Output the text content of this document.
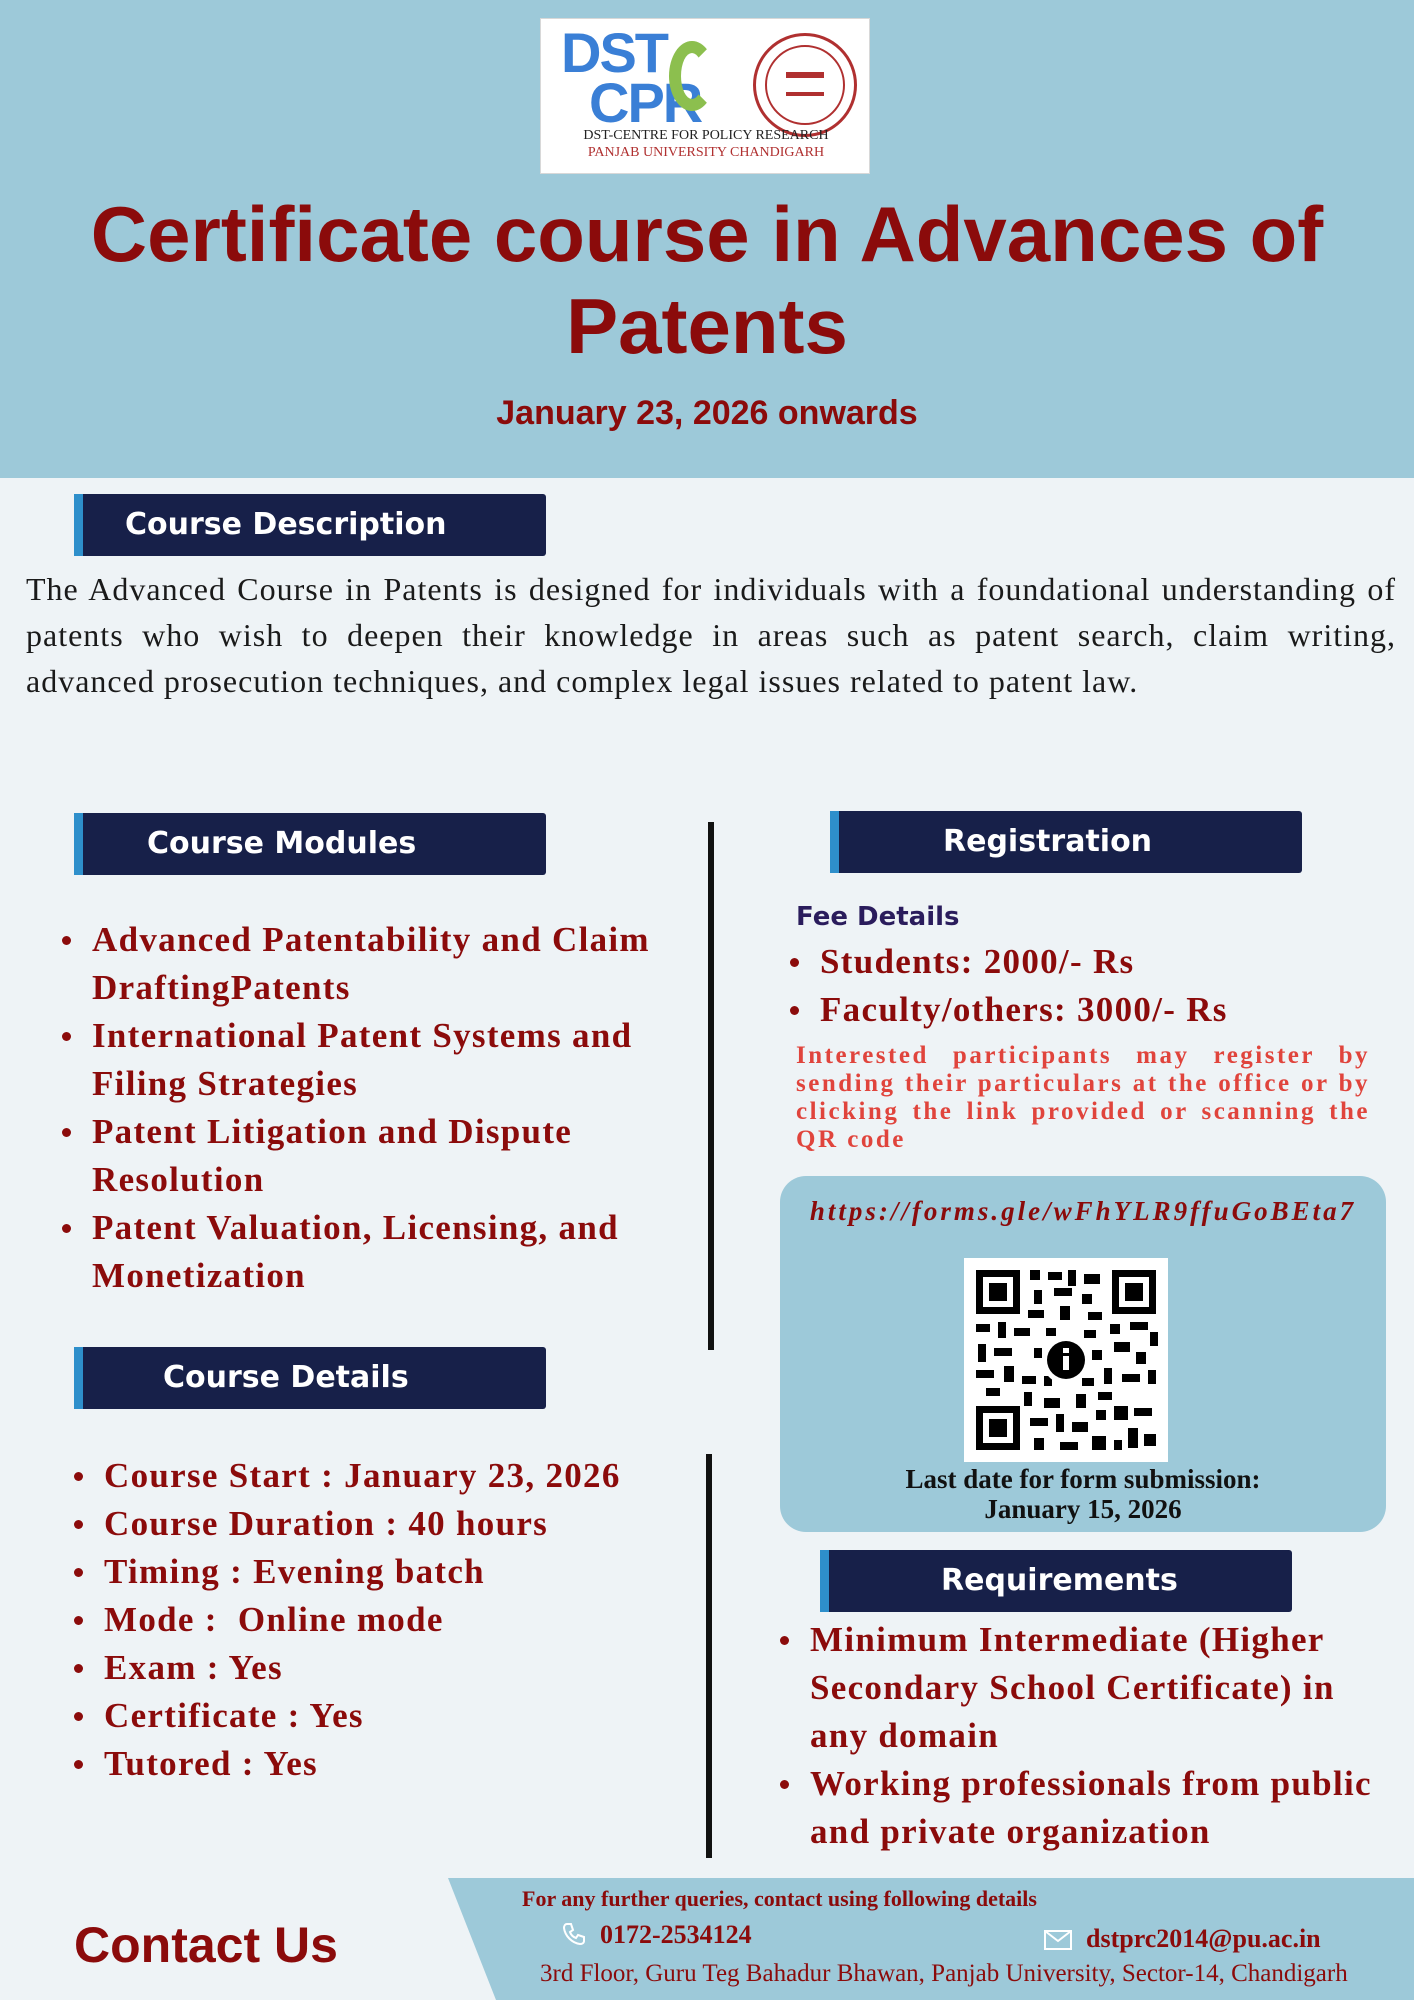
DST
CPR
DST-CENTRE FOR POLICY RESEARCH
PANJAB UNIVERSITY CHANDIGARH
Certificate course in Advances of Patents
January 23, 2026 onwards
Course Description

The Advanced Course in Patents is designed for individuals with a foundational understanding of patents who wish to deepen their knowledge in areas such as patent search, claim writing, advanced prosecution techniques, and complex legal issues related to patent law.

Course Modules
Advanced Patentability and Claim DraftingPatents
International Patent Systems and Filing Strategies
Patent Litigation and Dispute Resolution
Patent Valuation, Licensing, and Monetization
Course Details
Course Start : January 23, 2026
Course Duration : 40 hours
Timing : Evening batch
Mode :  Online mode
Exam : Yes
Certificate : Yes
Tutored : Yes
Registration
Fee Details
Students: 2000/- Rs
Faculty/others: 3000/- Rs

Interested participants may register by sending their particulars at the office or by clicking the link provided or scanning the QR code

https://forms.gle/wFhYLR9ffuGoBEta7
Last date for form submission:
January 15, 2026
Requirements
Minimum Intermediate (Higher Secondary School Certificate) in any domain
Working professionals from public and private organization
Contact Us
For any further queries, contact using following details
0172-2534124	dstprc2014@pu.ac.in
3rd Floor, Guru Teg Bahadur Bhawan, Panjab University, Sector-14, Chandigarh
